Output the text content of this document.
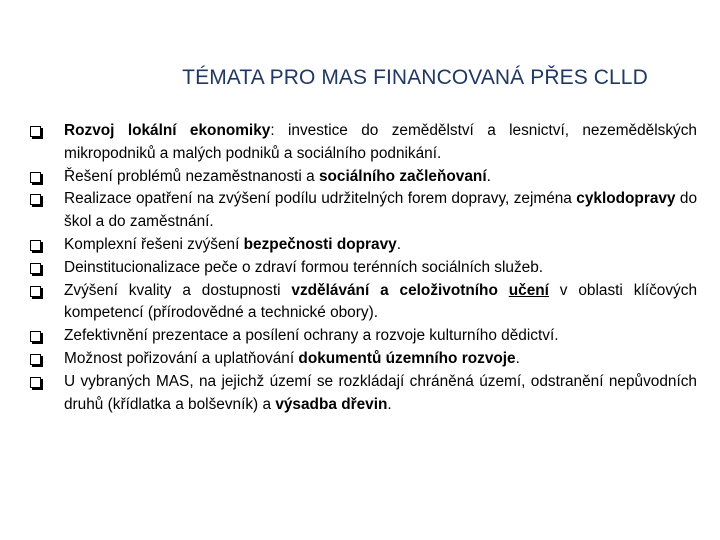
TÉMATA PRO MAS FINANCOVANÁ PŘES CLLD
Rozvoj lokální ekonomiky: investice do zemědělství a lesnictví, nezemědělských mikropodniků a malých podniků a sociálního podnikání.
Řešení problémů nezaměstnanosti a sociálního začleňovaní.
Realizace opatření na zvýšení podílu udržitelných forem dopravy, zejména cyklodopravy do škol a do zaměstnání.
Komplexní řešeni zvýšení bezpečnosti dopravy.
Deinstitucionalizace peče o zdraví formou terénních sociálních služeb.
Zvýšení kvality a dostupnosti vzdělávání a celoživotního učení v oblasti klíčových kompetencí (přírodovědné a technické obory).
Zefektivnění prezentace a posílení ochrany a rozvoje kulturního dědictví.
Možnost pořizování a uplatňování dokumentů územního rozvoje.
U vybraných MAS, na jejichž území se rozkládají chráněná území, odstranění nepůvodních druhů (křídlatka a bolševník) a výsadba dřevin.
